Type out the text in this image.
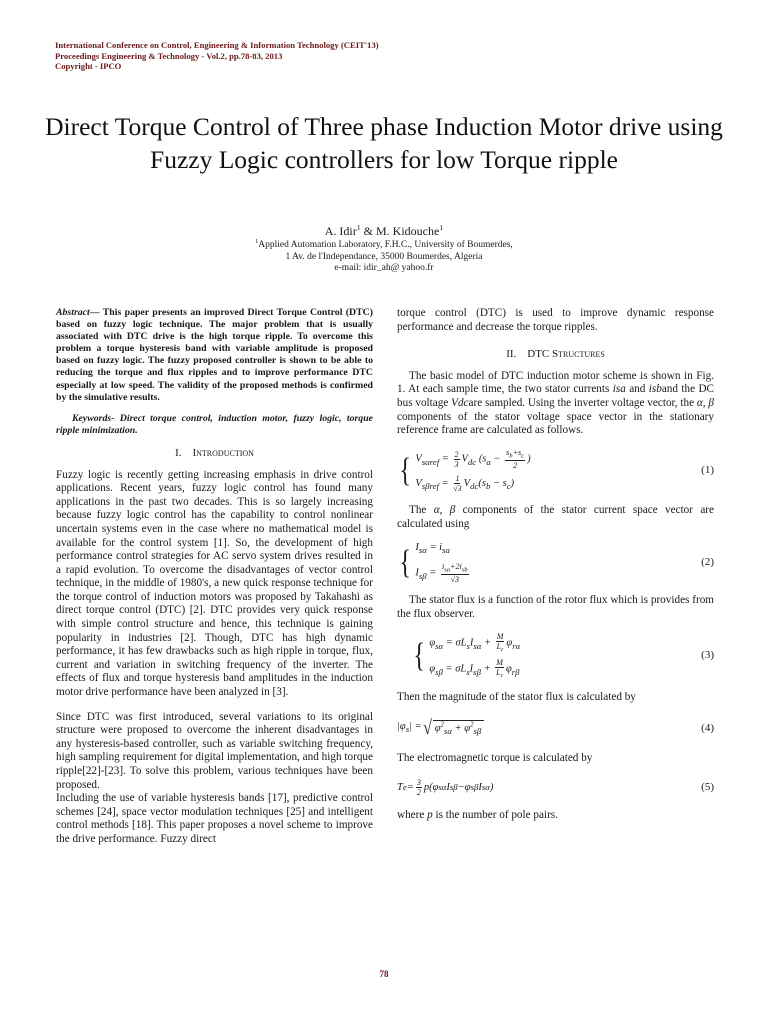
International Conference on Control, Engineering & Information Technology (CEIT'13)
Proceedings Engineering & Technology - Vol.2, pp.78-83, 2013
Copyright - IPCO
Direct Torque Control of Three phase Induction Motor drive using Fuzzy Logic controllers for low Torque ripple
A. Idir$^1$ & M. Kidouche$^1$
$^1$Applied Automation Laboratory, F.H.C., University of Boumerdes,
1 Av. de l'Independance, 35000 Boumerdes, Algeria
e-mail: idir_ah@ yahoo.fr

Abstract— This paper presents an improved Direct Torque Control (DTC) based on fuzzy logic technique. The major problem that is usually associated with DTC drive is the high torque ripple. To overcome this problem a torque hysteresis band with variable amplitude is proposed based on fuzzy logic. The fuzzy proposed controller is shown to be able to reducing the torque and flux ripples and to improve performance DTC especially at low speed. The validity of the proposed methods is confirmed by the simulative results.

Keywords- Direct torque control, induction motor, fuzzy logic, torque ripple minimization.

I. Introduction

Fuzzy logic is recently getting increasing emphasis in drive control applications. Recent years, fuzzy logic control has found many applications in the past two decades. This is so largely increasing because fuzzy logic control has the capability to control nonlinear uncertain systems even in the case where no mathematical model is available for the control system [1]. So, the development of high performance control strategies for AC servo system drives resulted in a rapid evolution. To overcome the disadvantages of vector control technique, in the middle of 1980's, a new quick response technique for the torque control of induction motors was proposed by Takahashi as direct torque control (DTC) [2]. DTC provides very quick response with simple control structure and hence, this technique is gaining popularity in industries [2]. Though, DTC has high dynamic performance, it has few drawbacks such as high ripple in torque, flux, current and variation in switching frequency of the inverter. The effects of flux and torque hysteresis band amplitudes in the induction motor drive performance have been analyzed in [3].

Since DTC was first introduced, several variations to its original structure were proposed to overcome the inherent disadvantages in any hysteresis-based controller, such as variable switching frequency, high sampling requirement for digital implementation, and high torque ripple[22]-[23]. To solve this problem, various techniques have been proposed.

Including the use of variable hysteresis bands [17], predictive control schemes [24], space vector modulation techniques [25] and intelligent control methods [18]. This paper proposes a novel scheme to improve the drive performance. Fuzzy direct

torque control (DTC) is used to improve dynamic response performance and decrease the torque ripples.

II. DTC Structures

The basic model of DTC induction motor scheme is shown in Fig. 1. At each sample time, the two stator currents isa and isband the DC bus voltage Vdcare sampled. Using the inverter voltage vector, the α, β components of the stator voltage space vector in the stationary reference frame are calculated as follows.

{ $V_{s\alpha ref} = \frac{2}{3} V_{dc}$ ($s_a - \frac{s_b+s_c}{2}$ )
$V_{s\beta ref} = \frac{1}{√3} V_{dc}(s_b - s_c)$
(1)

The α, β components of the stator current space vector are calculated using

{ $I_{s\alpha} = i_{sa}$
$I_{s\beta} = \frac{i_{sa}+2i_{sb}}{√3}$	(2)

The stator flux is a function of the rotor flux which is provides from the flux observer.

{ $\varphi_{s\alpha} = \sigma L_sI_{s\alpha} + \frac{M}{L_r} \varphi_{r\alpha}$
$\varphi_{s\beta} = \sigma L_sI_{s\beta} + \frac{M}{L_r} \varphi_{r\beta}$
(3)

Then the magnitude of the stator flux is calculated by

$|\varphi_s|$ = √ $\varphi^2_{s\alpha} + \varphi^2_{s\beta}$	(4)

The electromagnetic torque is calculated by

T $e = \frac{3}{2} p(\varphi$ sα I sβ −φ sβ I sα )	(5)

where p is the number of pole pairs.

78
